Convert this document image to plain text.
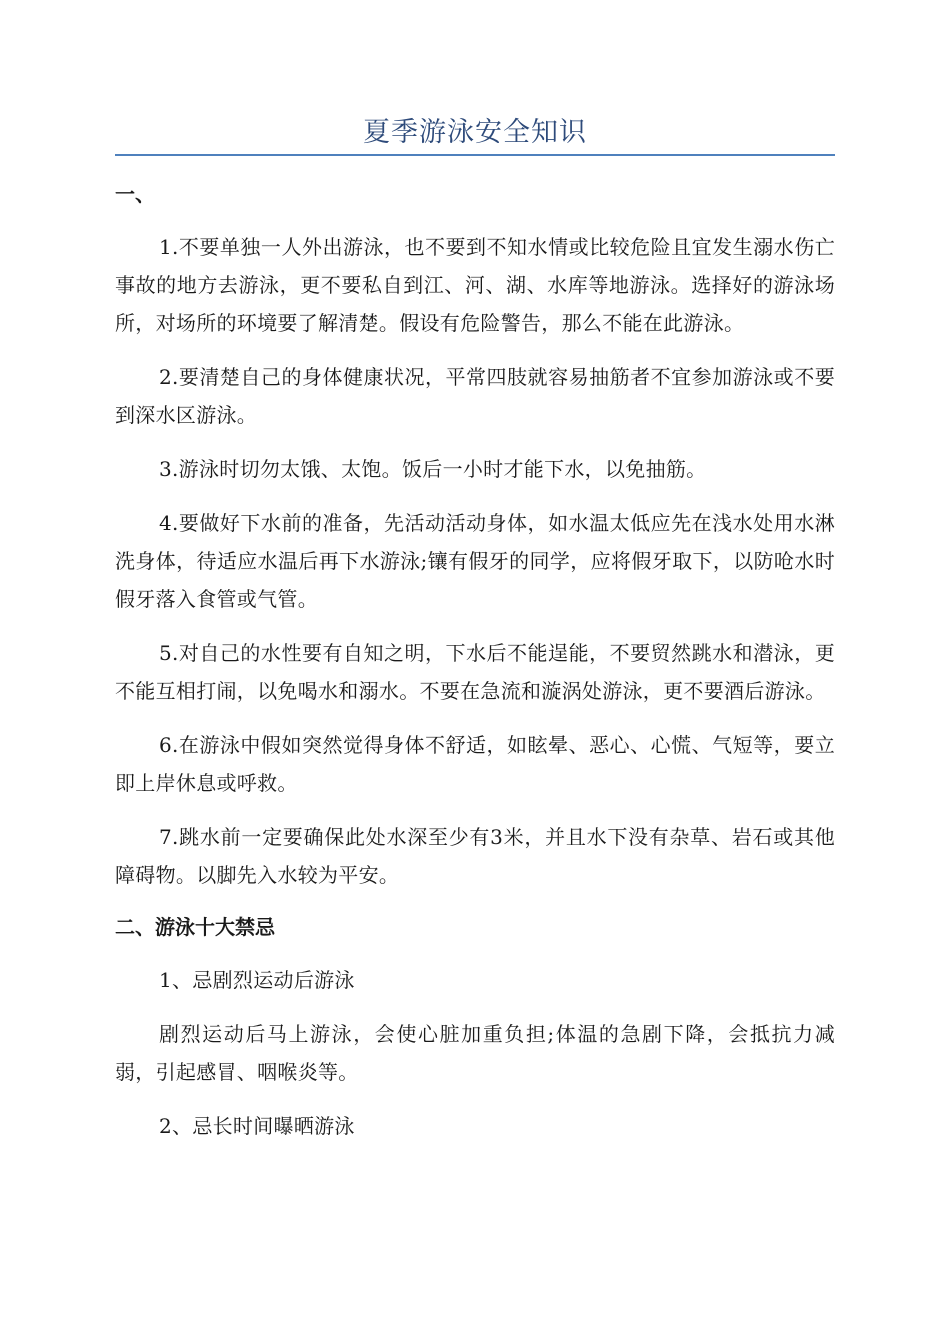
夏季游泳安全知识
一、

1.不要单独一人外出游泳，也不要到不知水情或比较危险且宜发生溺水伤亡事故的地方去游泳，更不要私自到江、河、湖、水库等地游泳。选择好的游泳场所，对场所的环境要了解清楚。假设有危险警告，那么不能在此游泳。

2.要清楚自己的身体健康状况，平常四肢就容易抽筋者不宜参加游泳或不要到深水区游泳。

3.游泳时切勿太饿、太饱。饭后一小时才能下水，以免抽筋。

4.要做好下水前的准备，先活动活动身体，如水温太低应先在浅水处用水淋洗身体，待适应水温后再下水游泳;镶有假牙的同学，应将假牙取下，以防呛水时假牙落入食管或气管。

5.对自己的水性要有自知之明，下水后不能逞能，不要贸然跳水和潜泳，更不能互相打闹，以免喝水和溺水。不要在急流和漩涡处游泳，更不要酒后游泳。

6.在游泳中假如突然觉得身体不舒适，如眩晕、恶心、心慌、气短等，要立即上岸休息或呼救。

7.跳水前一定要确保此处水深至少有3米，并且水下没有杂草、岩石或其他障碍物。以脚先入水较为平安。

二、游泳十大禁忌

1、忌剧烈运动后游泳

剧烈运动后马上游泳，会使心脏加重负担;体温的急剧下降，会抵抗力减弱，引起感冒、咽喉炎等。

2、忌长时间曝晒游泳
